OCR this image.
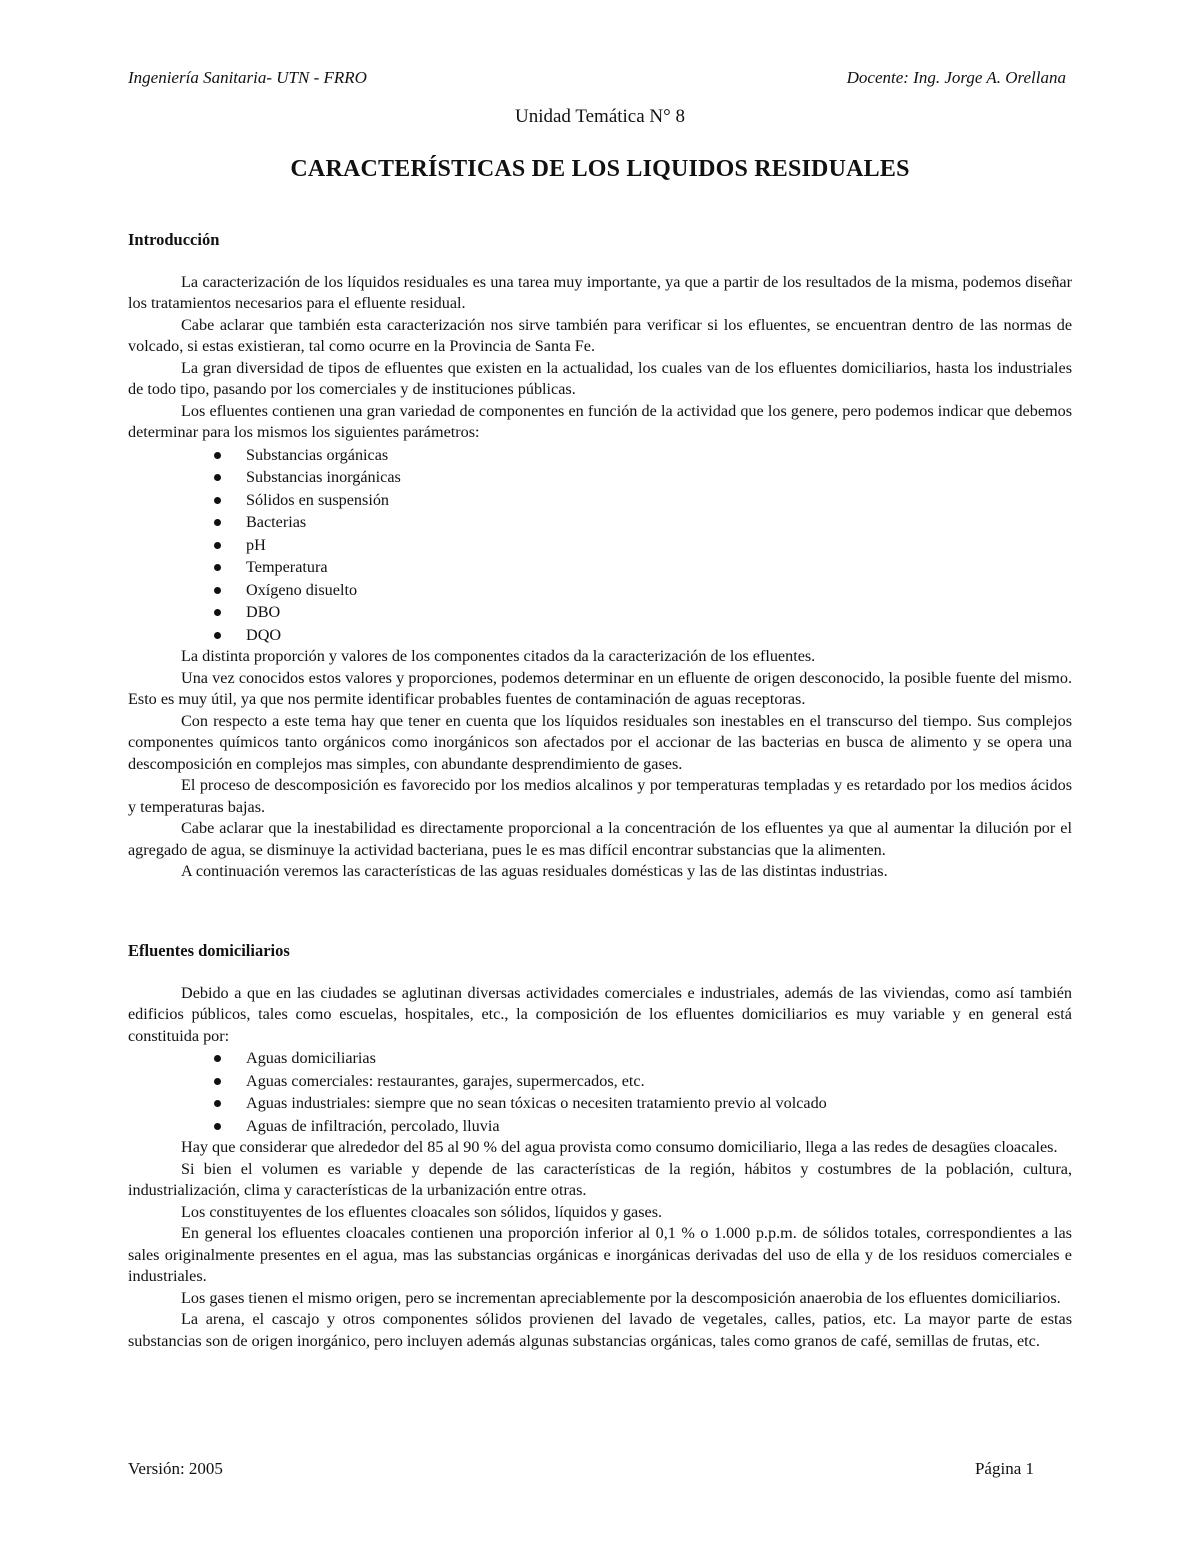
Ingeniería Sanitaria- UTN - FRRO	Docente: Ing. Jorge A. Orellana
Unidad Temática N° 8
CARACTERÍSTICAS DE LOS LIQUIDOS RESIDUALES

Introducción

La caracterización de los líquidos residuales es una tarea muy importante, ya que a partir de los resultados de la misma, podemos diseñar los tratamientos necesarios para el efluente residual.

Cabe aclarar que también esta caracterización nos sirve también para verificar si los efluentes, se encuentran dentro de las normas de volcado, si estas existieran, tal como ocurre en la Provincia de Santa Fe.

La gran diversidad de tipos de efluentes que existen en la actualidad, los cuales van de los efluentes domiciliarios, hasta los industriales de todo tipo, pasando por los comerciales y de instituciones públicas.

Los efluentes contienen una gran variedad de componentes en función de la actividad que los genere, pero podemos indicar que debemos determinar para los mismos los siguientes parámetros:

Substancias orgánicas
Substancias inorgánicas
Sólidos en suspensión
Bacterias
pH
Temperatura
Oxígeno disuelto
DBO
DQO

La distinta proporción y valores de los componentes citados da la caracterización de los efluentes.

Una vez conocidos estos valores y proporciones, podemos determinar en un efluente de origen desconocido, la posible fuente del mismo. Esto es muy útil, ya que nos permite identificar probables fuentes de contaminación de aguas receptoras.

Con respecto a este tema hay que tener en cuenta que los líquidos residuales son inestables en el transcurso del tiempo. Sus complejos componentes químicos tanto orgánicos como inorgánicos son afectados por el accionar de las bacterias en busca de alimento y se opera una descomposición en complejos mas simples, con abundante desprendimiento de gases.

El proceso de descomposición es favorecido por los medios alcalinos y por temperaturas templadas y es retardado por los medios ácidos y temperaturas bajas.

Cabe aclarar que la inestabilidad es directamente proporcional a la concentración de los efluentes ya que al aumentar la dilución por el agregado de agua, se disminuye la actividad bacteriana, pues le es mas difícil encontrar substancias que la alimenten.

A continuación veremos las características de las aguas residuales domésticas y las de las distintas industrias.

Efluentes domiciliarios

Debido a que en las ciudades se aglutinan diversas actividades comerciales e industriales, además de las viviendas, como así también edificios públicos, tales como escuelas, hospitales, etc., la composición de los efluentes domiciliarios es muy variable y en general está constituida por:

Aguas domiciliarias
Aguas comerciales: restaurantes, garajes, supermercados, etc.
Aguas industriales: siempre que no sean tóxicas o necesiten tratamiento previo al volcado
Aguas de infiltración, percolado, lluvia

Hay que considerar que alrededor del 85 al 90 % del agua provista como consumo domiciliario, llega a las redes de desagües cloacales.

Si bien el volumen es variable y depende de las características de la región, hábitos y costumbres de la población, cultura, industrialización, clima y características de la urbanización entre otras.

Los constituyentes de los efluentes cloacales son sólidos, líquidos y gases.

En general los efluentes cloacales contienen una proporción inferior al 0,1 % o 1.000 p.p.m. de sólidos totales, correspondientes a las sales originalmente presentes en el agua, mas las substancias orgánicas e inorgánicas derivadas del uso de ella y de los residuos comerciales e industriales.

Los gases tienen el mismo origen, pero se incrementan apreciablemente por la descomposición anaerobia de los efluentes domiciliarios.

La arena, el cascajo y otros componentes sólidos provienen del lavado de vegetales, calles, patios, etc. La mayor parte de estas substancias son de origen inorgánico, pero incluyen además algunas substancias orgánicas, tales como granos de café, semillas de frutas, etc.

Versión: 2005	Página 1
